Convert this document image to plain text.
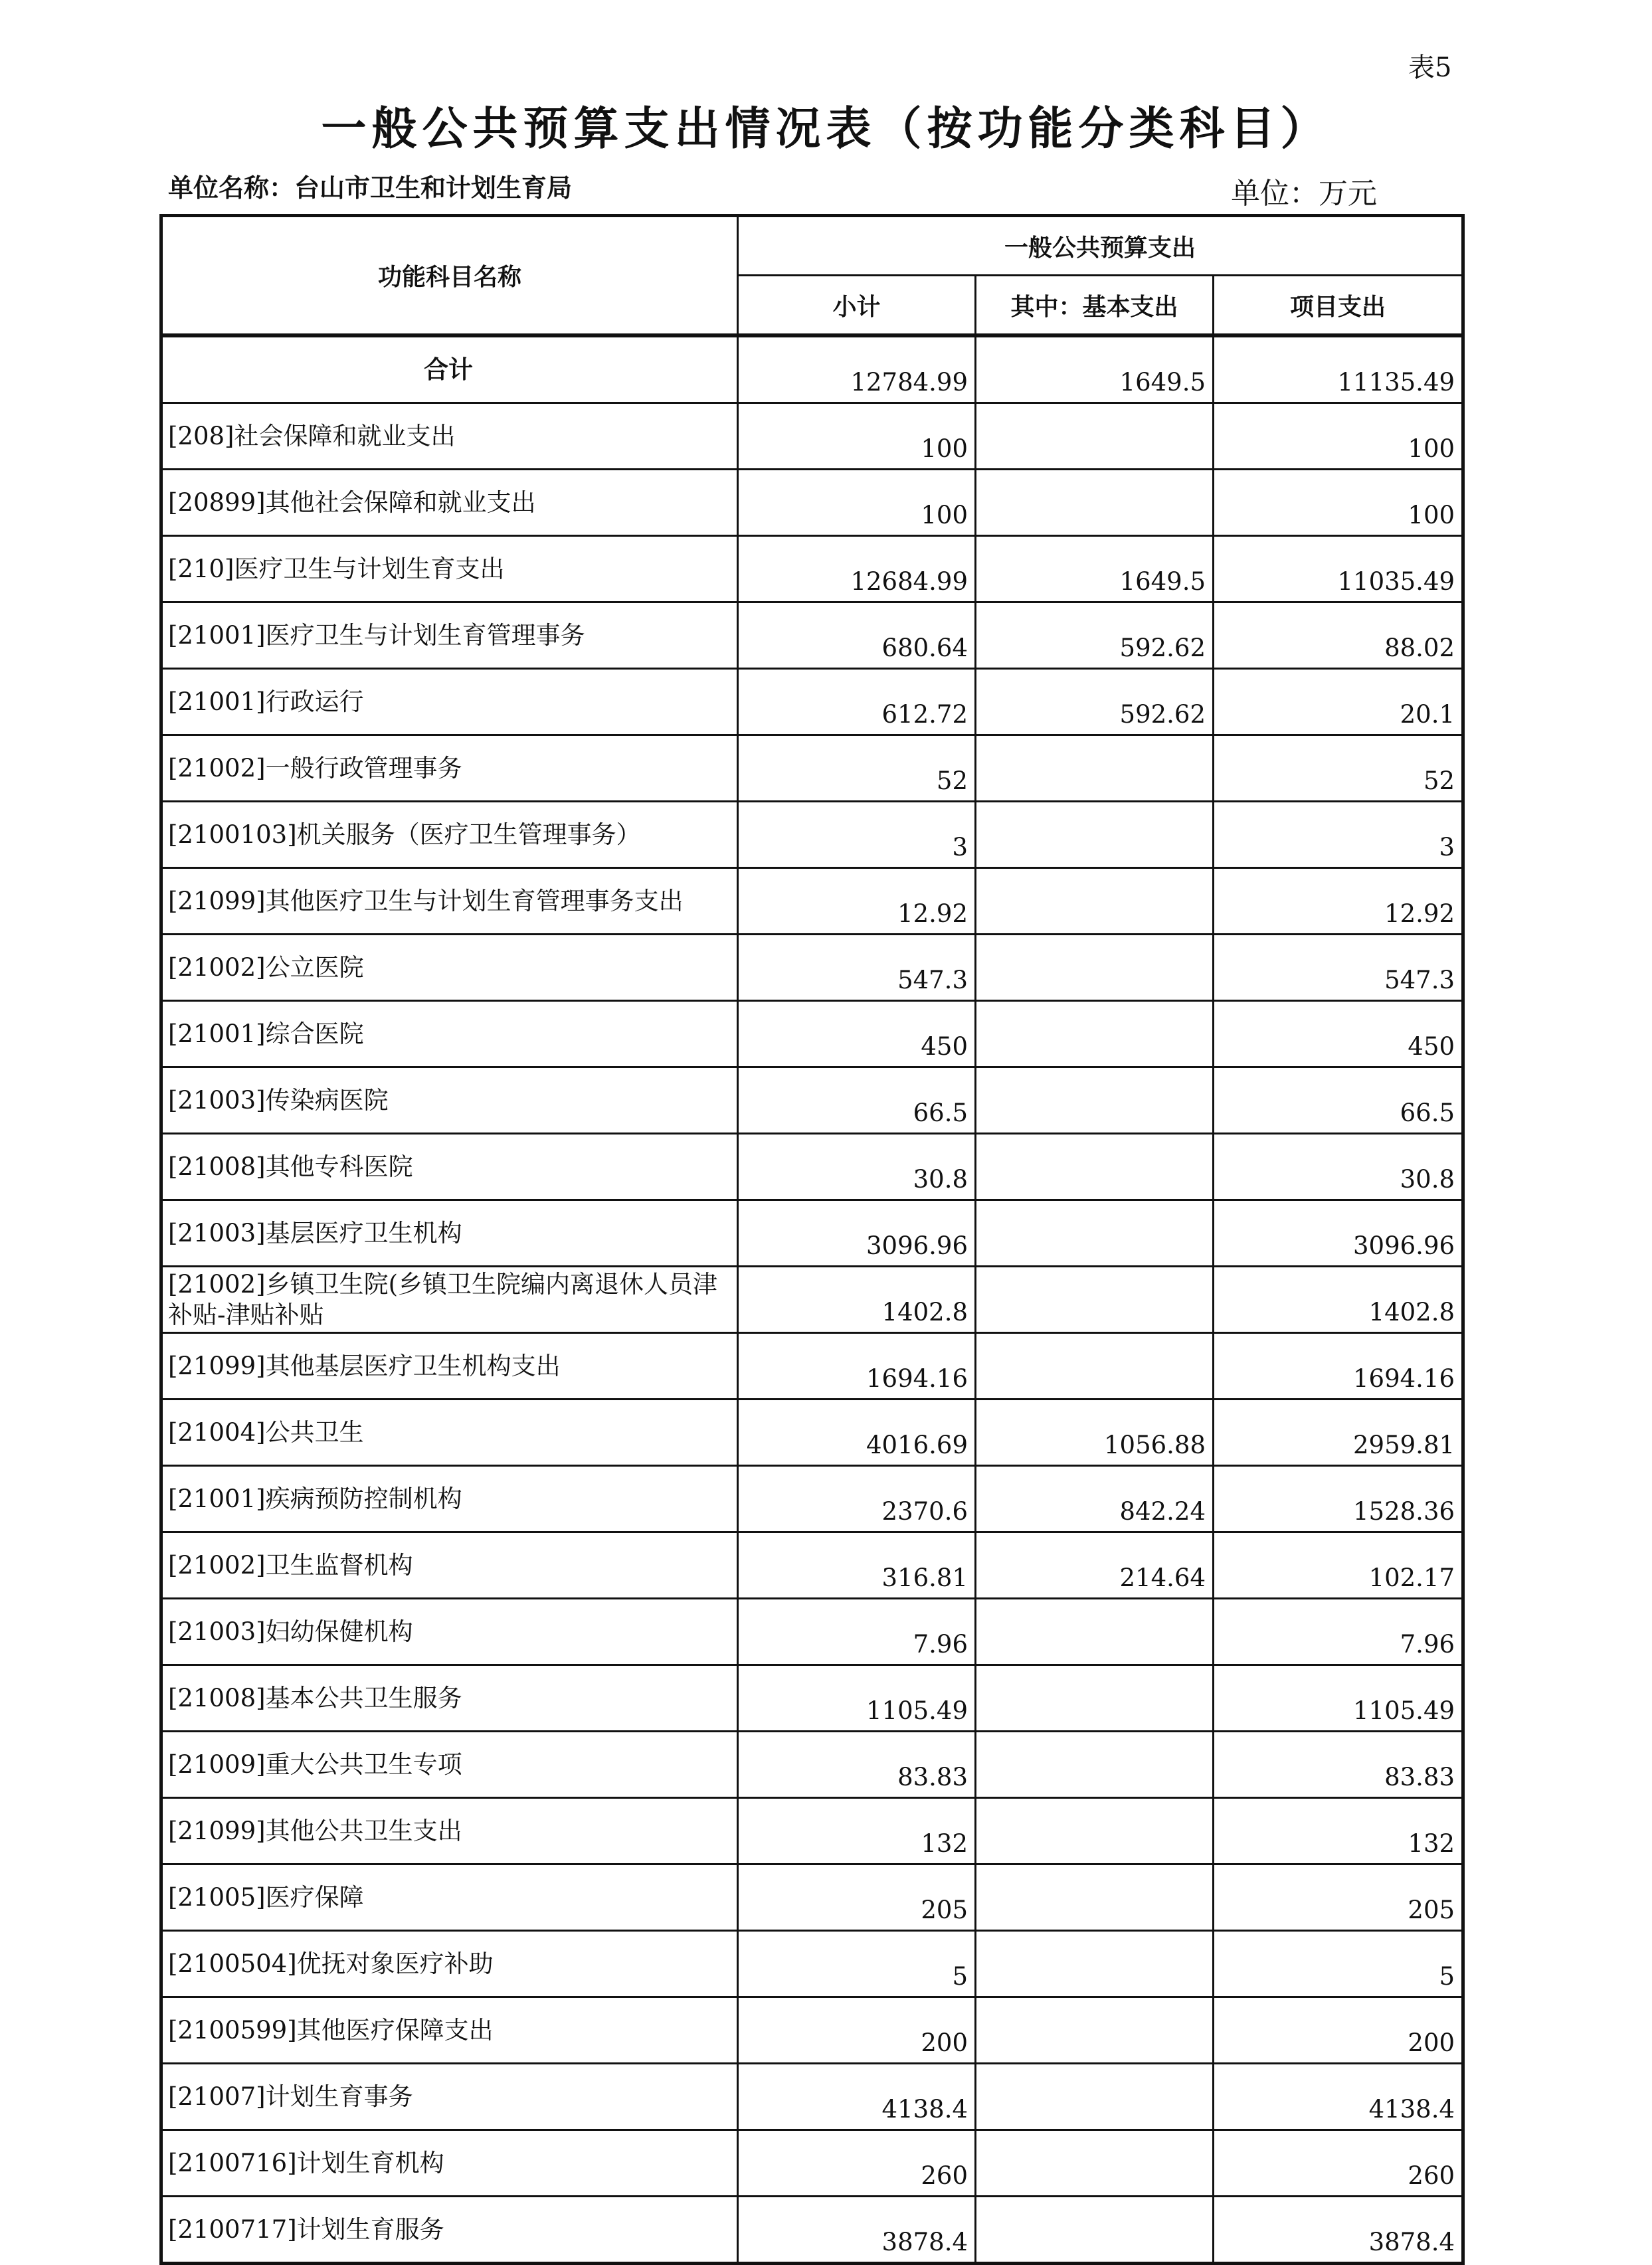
表5
一般公共预算支出情况表（按功能分类科目）
单位名称：台山市卫生和计划生育局	单位：万元
功能科目名称	一般公共预算支出		
	小计	其中：基本支出	项目支出
合计	12784.99	1649.5	11135.49
[208]社会保障和就业支出	100		100
[20899]其他社会保障和就业支出	100		100
[210]医疗卫生与计划生育支出	12684.99	1649.5	11035.49
[21001]医疗卫生与计划生育管理事务	680.64	592.62	88.02
[21001]行政运行	612.72	592.62	20.1
[21002]一般行政管理事务	52		52
[2100103]机关服务（医疗卫生管理事务）	3		3
[21099]其他医疗卫生与计划生育管理事务支出	12.92		12.92
[21002]公立医院	547.3		547.3
[21001]综合医院	450		450
[21003]传染病医院	66.5		66.5
[21008]其他专科医院	30.8		30.8
[21003]基层医疗卫生机构	3096.96		3096.96
[21002]乡镇卫生院(乡镇卫生院编内离退休人员津补贴-津贴补贴	1402.8		1402.8
[21099]其他基层医疗卫生机构支出	1694.16		1694.16
[21004]公共卫生	4016.69	1056.88	2959.81
[21001]疾病预防控制机构	2370.6	842.24	1528.36
[21002]卫生监督机构	316.81	214.64	102.17
[21003]妇幼保健机构	7.96		7.96
[21008]基本公共卫生服务	1105.49		1105.49
[21009]重大公共卫生专项	83.83		83.83
[21099]其他公共卫生支出	132		132
[21005]医疗保障	205		205
[2100504]优抚对象医疗补助	5		5
[2100599]其他医疗保障支出	200		200
[21007]计划生育事务	4138.4		4138.4
[2100716]计划生育机构	260		260
[2100717]计划生育服务	3878.4		3878.4
